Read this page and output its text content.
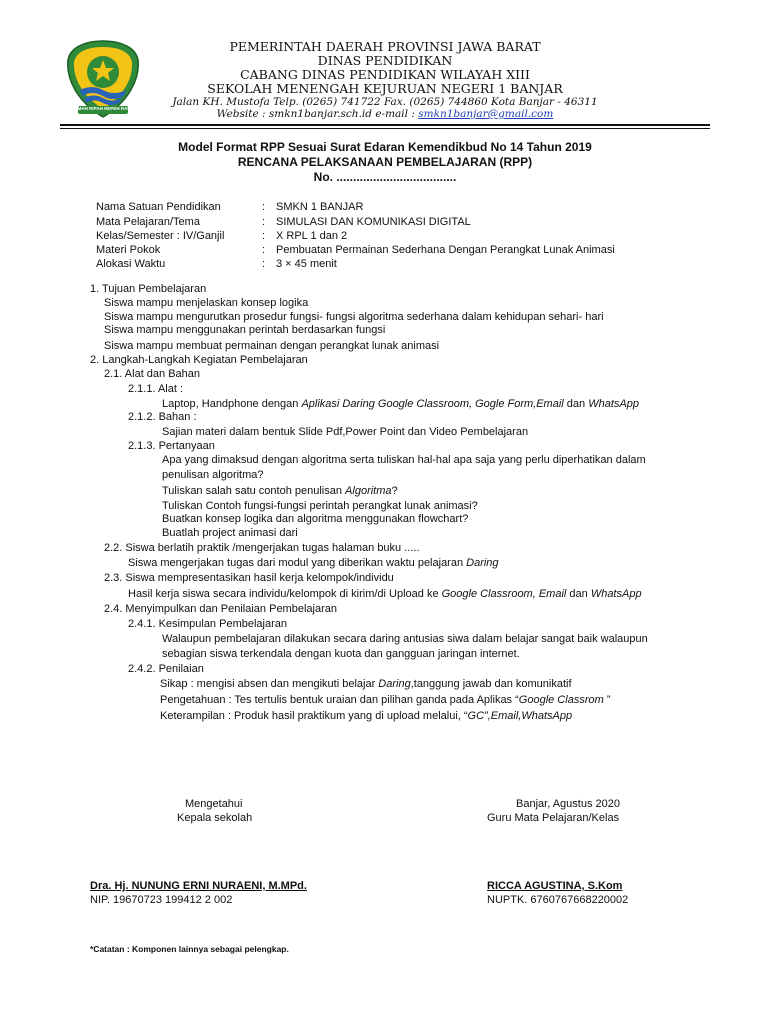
GEMAH RIPAH REPEH RAPIH
PEMERINTAH DAERAH PROVINSI JAWA BARAT
DINAS PENDIDIKAN
CABANG DINAS PENDIDIKAN WILAYAH XIII
SEKOLAH MENENGAH KEJURUAN NEGERI 1 BANJAR
Jalan KH. Mustofa Telp. (0265) 741722 Fax. (0265) 744860 Kota Banjar - 46311
Website : smkn1banjar.sch.id e-mail : smkn1banjar@gmail.com
Model Format RPP Sesuai Surat Edaran Kemendikbud No 14 Tahun 2019
RENCANA PELAKSANAAN PEMBELAJARAN (RPP)
No. ....................................
Nama Satuan Pendidikan	: SMKN 1 BANJAR
Mata Pelajaran/Tema	: SIMULASI DAN KOMUNIKASI DIGITAL
Kelas/Semester : IV/Ganjil	: X RPL 1 dan 2
Materi Pokok	: Pembuatan Permainan Sederhana Dengan Perangkat Lunak Animasi
Alokasi Waktu	: 3 × 45 menit
1. Tujuan Pembelajaran
Siswa mampu menjelaskan konsep logika
Siswa mampu mengurutkan prosedur fungsi- fungsi algoritma sederhana dalam kehidupan sehari- hari
Siswa mampu menggunakan perintah berdasarkan fungsi
Siswa mampu membuat permainan dengan perangkat lunak animasi
2. Langkah-Langkah Kegiatan Pembelajaran
2.1. Alat dan Bahan
2.1.1. Alat :
Laptop, Handphone dengan Aplikasi Daring Google Classroom, Gogle Form,Email dan WhatsApp
2.1.2. Bahan :
Sajian materi dalam bentuk Slide Pdf,Power Point dan Video Pembelajaran
2.1.3. Pertanyaan
Apa yang dimaksud dengan algoritma serta tuliskan hal-hal apa saja yang perlu diperhatikan dalam
penulisan algoritma?
Tuliskan salah satu contoh penulisan Algoritma?
Tuliskan Contoh fungsi-fungsi perintah perangkat lunak animasi?
Buatkan konsep logika dan algoritma menggunakan flowchart?
Buatlah project animasi dari
2.2. Siswa berlatih praktik /mengerjakan tugas halaman buku .....
Siswa mengerjakan tugas dari modul yang diberikan waktu pelajaran Daring
2.3. Siswa mempresentasikan hasil kerja kelompok/individu
Hasil kerja siswa secara individu/kelompok di kirim/di Upload ke Google Classroom, Email dan WhatsApp
2.4. Menyimpulkan dan Penilaian Pembelajaran
2.4.1. Kesimpulan Pembelajaran
Walaupun pembelajaran dilakukan secara daring antusias siwa dalam belajar sangat baik walaupun
sebagian siswa terkendala dengan kuota dan gangguan jaringan internet.
2.4.2. Penilaian
Sikap : mengisi absen dan mengikuti belajar Daring,tanggung jawab dan komunikatif
Pengetahuan : Tes tertulis bentuk uraian dan pilihan ganda pada Aplikas “Google Classrom ”
Keterampilan : Produk hasil praktikum yang di upload melalui, “GC”,Email,WhatsApp
Mengetahui
Kepala sekolah
Dra. Hj. NUNUNG ERNI NURAENI, M.MPd.
NIP. 19670723 199412 2 002
Banjar, Agustus 2020
Guru Mata Pelajaran/Kelas
RICCA AGUSTINA, S.Kom
NUPTK. 6760767668220002
*Catatan : Komponen lainnya sebagai pelengkap.
